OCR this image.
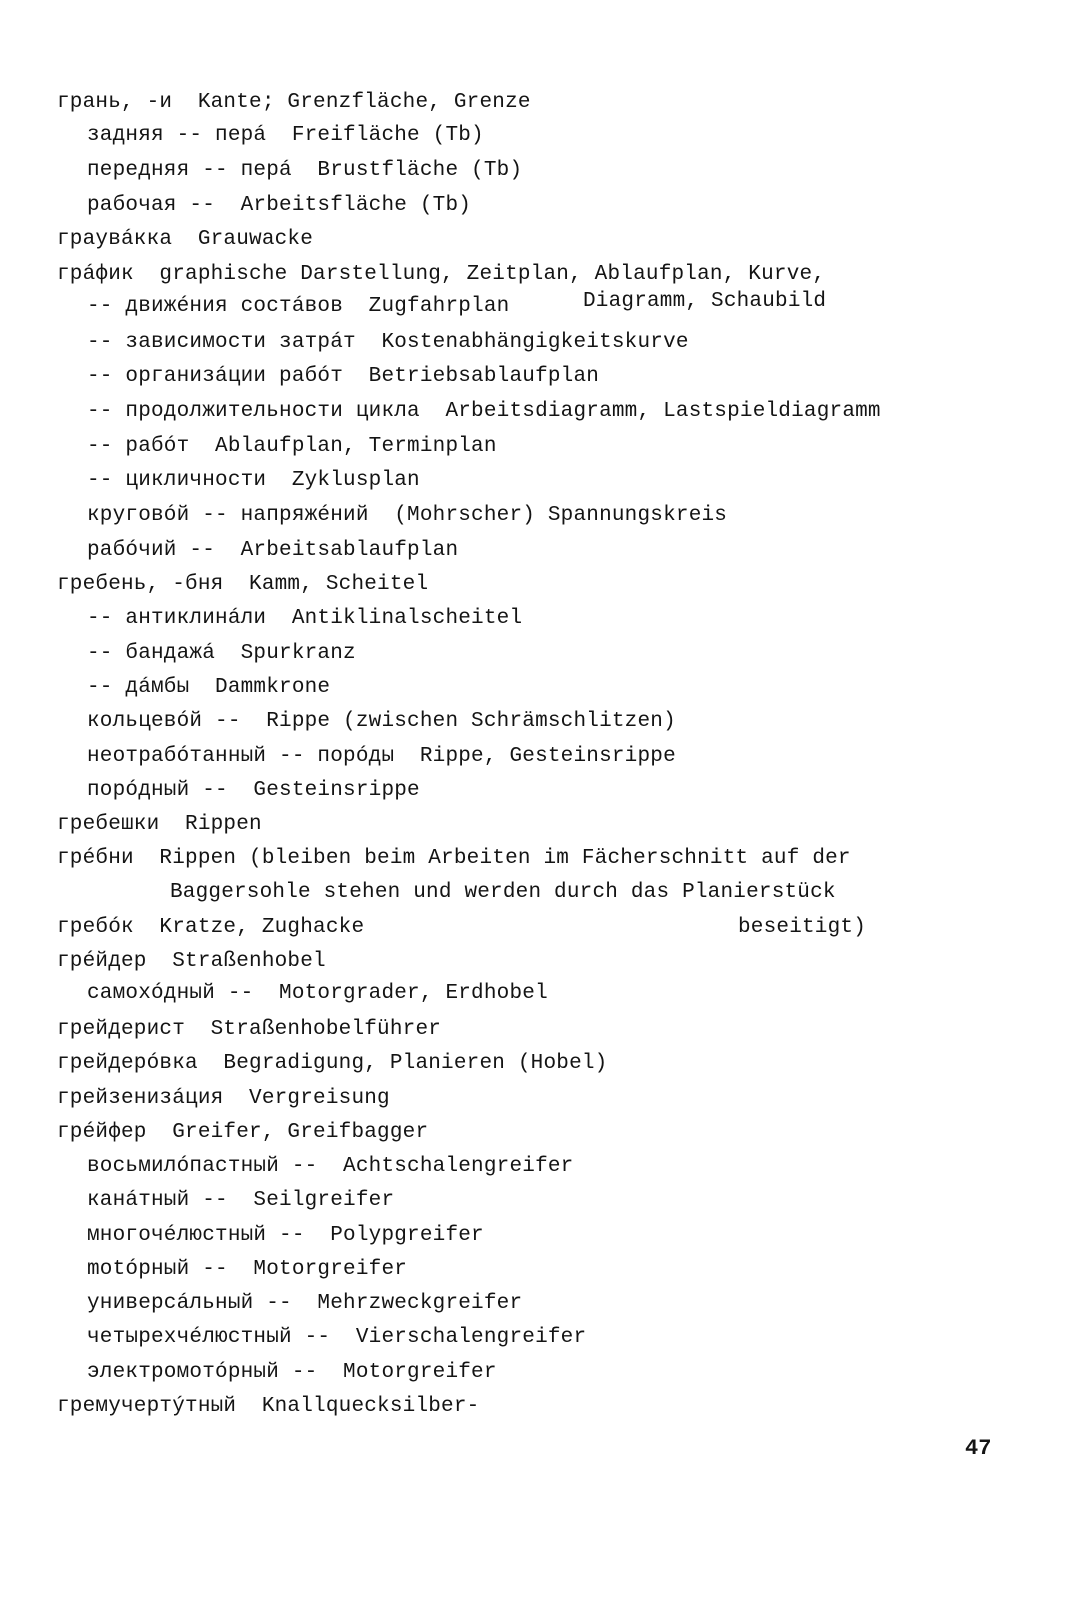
грань, -и  Kante; Grenzfläche, Grenze
задняя -- перá  Freifläche (Tb)
передняя -- перá  Brustfläche (Tb)
рабочая --  Arbeitsfläche (Tb)
граувáкка  Grauwacke
грáфик  graphische Darstellung, Zeitplan, Ablaufplan, Kurve,
-- движéния состáвов  Zugfahrplan	Diagramm, Schaubild
-- зависимости затрáт  Kostenabhängigkeitskurve
-- организáции рабóт  Betriebsablaufplan
-- продолжительности цикла  Arbeitsdiagramm, Lastspieldiagramm
-- рабóт  Ablaufplan, Terminplan
-- цикличности  Zyklusplan
круговóй -- напряжéний  (Mohrscher) Spannungskreis
рабóчий --  Arbeitsablaufplan
гребень, -бня  Kamm, Scheitel
-- антиклинáли  Antiklinalscheitel
-- бандажá  Spurkranz
-- дáмбы  Dammkrone
кольцевóй --  Rippe (zwischen Schrämschlitzen)
неотрабóтанный -- порóды  Rippe, Gesteinsrippe
порóдный --  Gesteinsrippe
гребешки  Rippen
грéбни  Rippen (bleiben beim Arbeiten im Fächerschnitt auf der
Baggersohle stehen und werden durch das Planierstück
гребóк  Kratze, Zughacke	beseitigt)
грéйдер  Straßenhobel
самохóдный --  Motorgrader, Erdhobel
грейдерист  Straßenhobelführer
грейдерóвка  Begradigung, Planieren (Hobel)
грейзенизáция  Vergreisung
грéйфер  Greifer, Greifbagger
восьмилóпастный --  Achtschalengreifer
канáтный --  Seilgreifer
многочéлюстный --  Polypgreifer
motóрный --  Motorgreifer
универсáльный --  Mehrzweckgreifer
четырехчéлюстный --  Vierschalengreifer
электромотóрный --  Motorgreifer
гремучертýтный  Knallquecksilber-
47
